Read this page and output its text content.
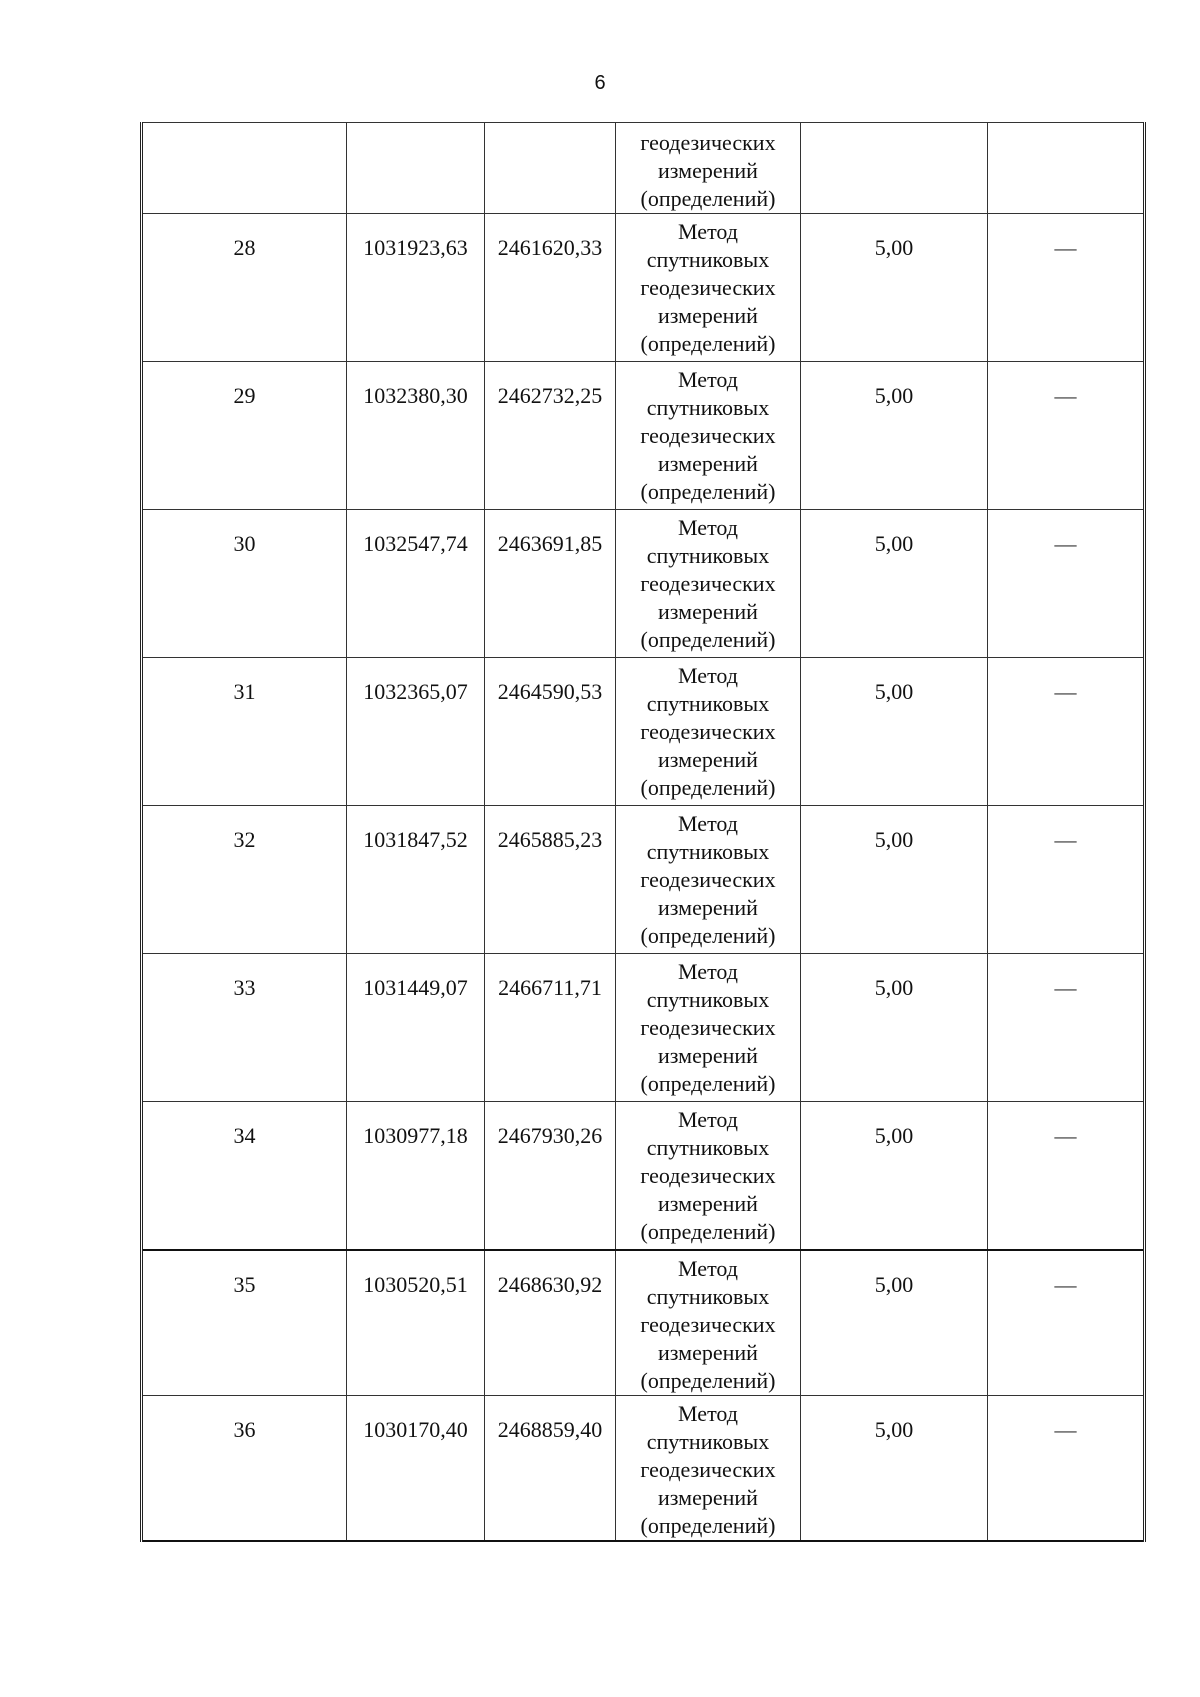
6

			геодезических
измерений
(определений)		

28	1031923,63	2461620,33	Метод
спутниковых
геодезических
измерений
(определений)	5,00	—

29	1032380,30	2462732,25	Метод
спутниковых
геодезических
измерений
(определений)	5,00	—

30	1032547,74	2463691,85	Метод
спутниковых
геодезических
измерений
(определений)	5,00	—

31	1032365,07	2464590,53	Метод
спутниковых
геодезических
измерений
(определений)	5,00	—

32	1031847,52	2465885,23	Метод
спутниковых
геодезических
измерений
(определений)	5,00	—

33	1031449,07	2466711,71	Метод
спутниковых
геодезических
измерений
(определений)	5,00	—

34	1030977,18	2467930,26	Метод
спутниковых
геодезических
измерений
(определений)	5,00	—

35	1030520,51	2468630,92	Метод
спутниковых
геодезических
измерений
(определений)	5,00	—

36	1030170,40	2468859,40	Метод
спутниковых
геодезических
измерений
(определений)	5,00	—
